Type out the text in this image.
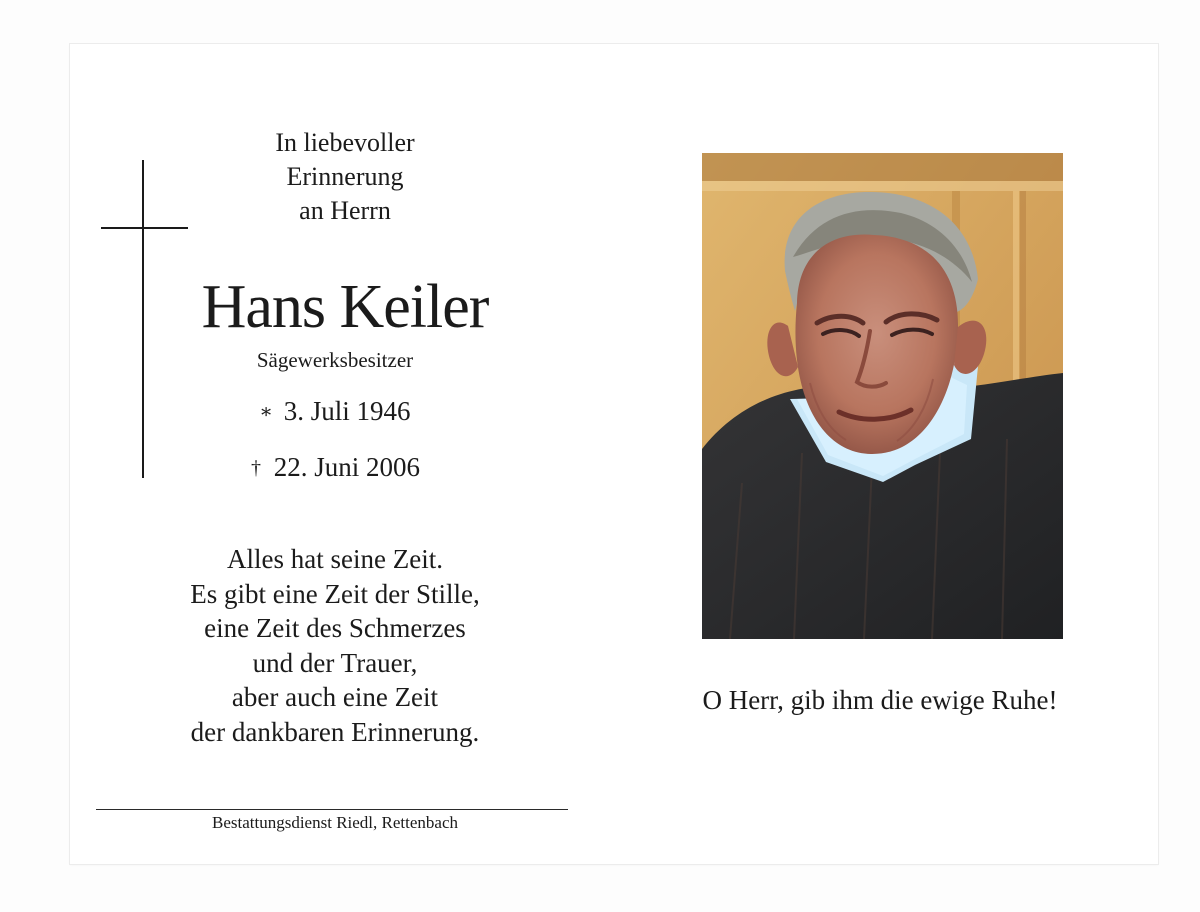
In liebevoller
Erinnerung
an Herrn
Hans Keiler
Sägewerksbesitzer
∗ 3. Juli 1946
† 22. Juni 2006
Alles hat seine Zeit.
Es gibt eine Zeit der Stille,
eine Zeit des Schmerzes
und der Trauer,
aber auch eine Zeit
der dankbaren Erinnerung.
Bestattungsdienst Riedl, Rettenbach
O Herr, gib ihm die ewige Ruhe!
